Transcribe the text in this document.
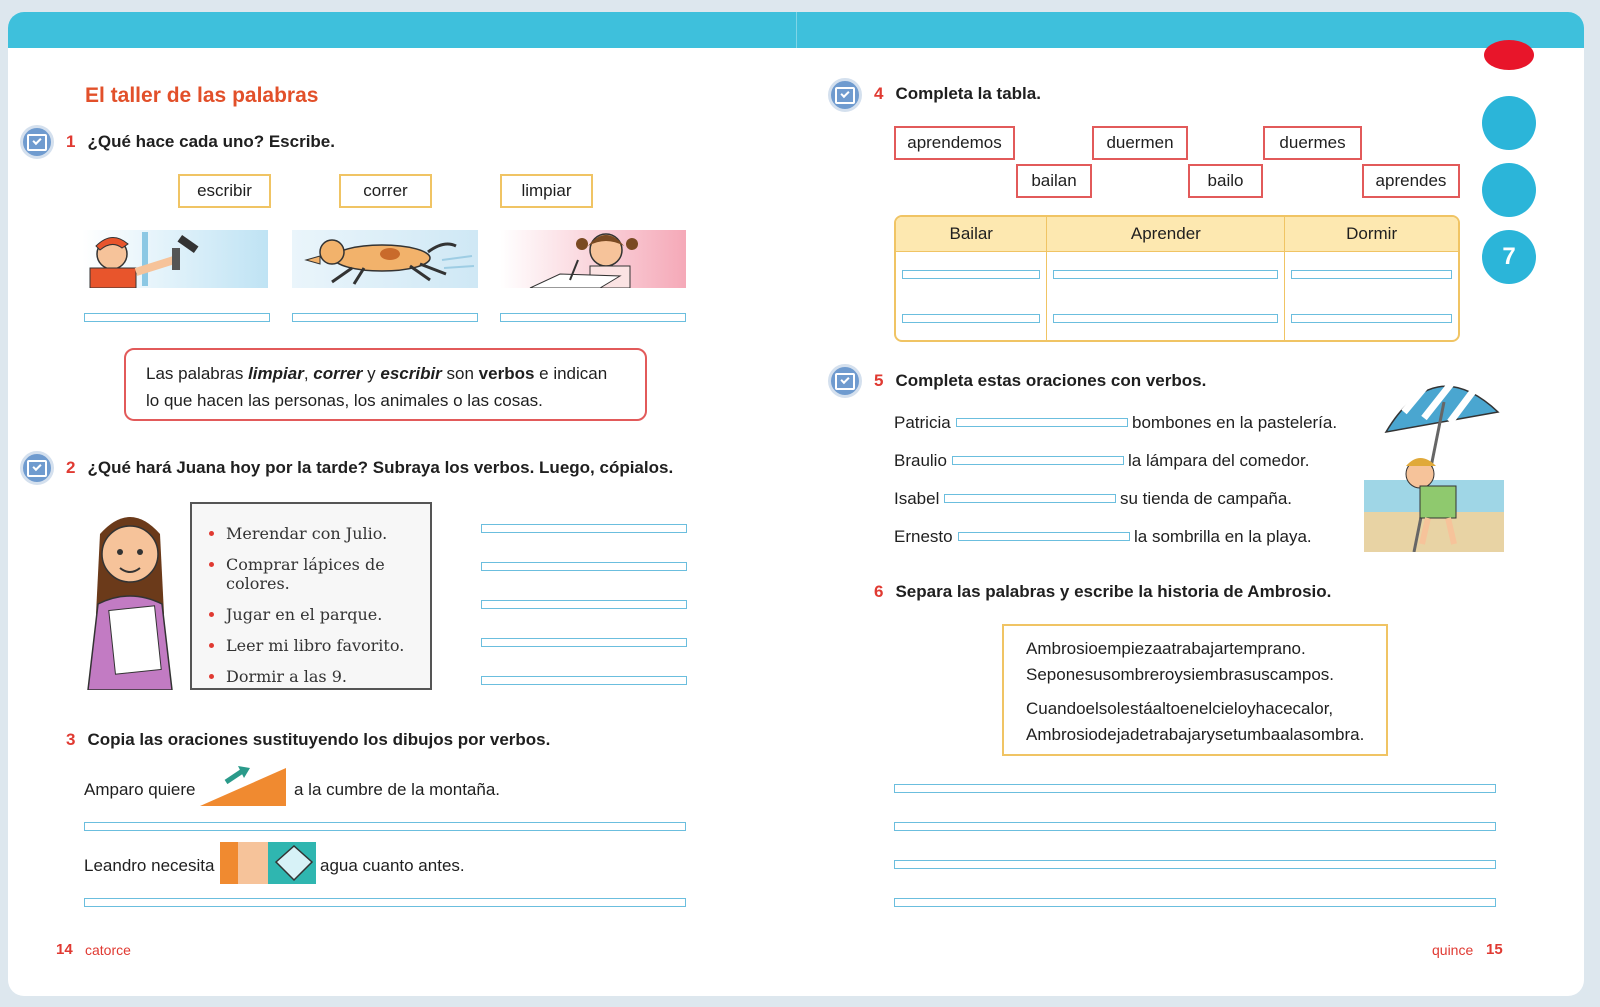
El taller de las palabras
1 ¿Qué hace cada uno? Escribe.
escribir	correr	limpiar
Las palabras limpiar, correr y escribir son verbos e indican
lo que hacen las personas, los animales o las cosas.
2 ¿Qué hará Juana hoy por la tarde? Subraya los verbos. Luego, cópialos.
• Merendar con Julio.
• Comprar lápices de colores.
• Jugar en el parque.
• Leer mi libro favorito.
• Dormir a las 9.
3 Copia las oraciones sustituyendo los dibujos por verbos.
Amparo quiere	a la cumbre de la montaña.
Leandro necesita	agua cuanto antes.
14 catorce
4 Completa la tabla.
aprendemos	duermen	duermes
bailan	bailo	aprendes
Bailar	Aprender	Dormir

5 Completa estas oraciones con verbos.
Patricia	bombones en la pastelería.
Braulio	la lámpara del comedor.
Isabel	su tienda de campaña.
Ernesto	la sombrilla en la playa.
6 Separa las palabras y escribe la historia de Ambrosio.
Ambrosioempiezaatrabajartemprano.
Seponesusombreroysiembrasuscampos.
Cuandoelsolestáaltoenelcieloyhacecalor,
Ambrosiodejadetrabajarysetumbaalasombra.
quince 15
7
